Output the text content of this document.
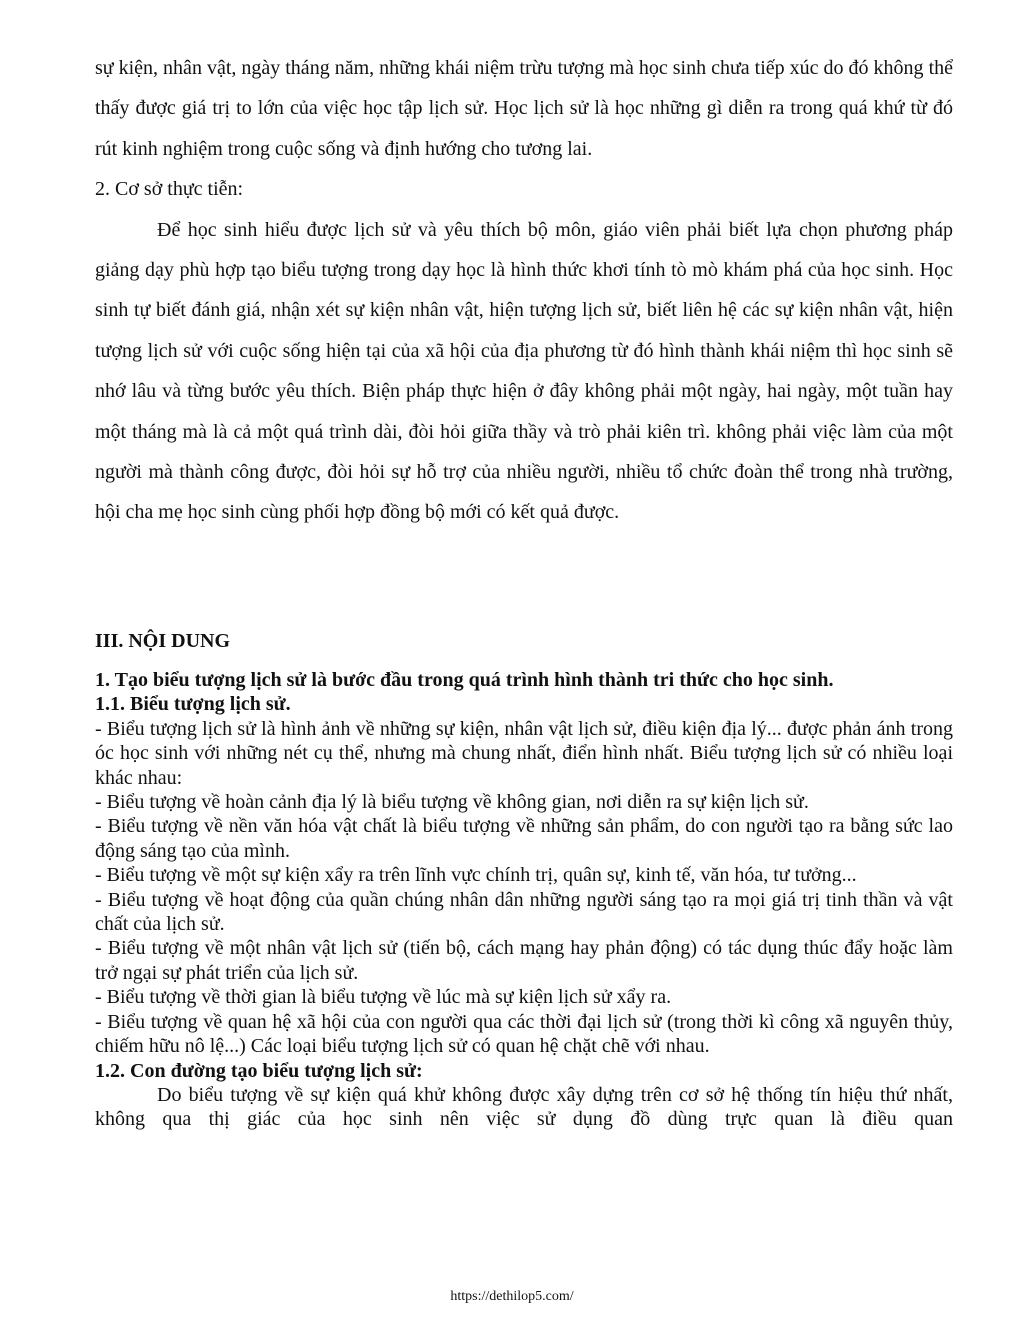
sự kiện, nhân vật, ngày tháng năm, những khái niệm trừu tượng mà học sinh chưa tiếp xúc do đó không thể thấy được giá trị to lớn của việc học tập lịch sử. Học lịch sử là học những gì diễn ra trong quá khứ từ đó rút kinh nghiệm trong cuộc sống và định hướng cho tương lai.

2. Cơ sở thực tiễn:

Để học sinh hiểu được lịch sử và yêu thích bộ môn, giáo viên phải biết lựa chọn phương pháp giảng dạy phù hợp tạo biểu tượng trong dạy học là hình thức khơi tính tò mò khám phá của học sinh. Học sinh tự biết đánh giá, nhận xét sự kiện nhân vật, hiện tượng lịch sử, biết liên hệ các sự kiện nhân vật, hiện tượng lịch sử với cuộc sống hiện tại của xã hội của địa phương từ đó hình thành khái niệm thì học sinh sẽ nhớ lâu và từng bước yêu thích. Biện pháp thực hiện ở đây không phải một ngày, hai ngày, một tuần hay một tháng mà là cả một quá trình dài, đòi hỏi giữa thầy và trò phải kiên trì. không phải việc làm của một người mà thành công được, đòi hỏi sự hỗ trợ của nhiều người, nhiều tổ chức đoàn thể trong nhà trường, hội cha mẹ học sinh cùng phối hợp đồng bộ mới có kết quả được.

III. NỘI DUNG

1. Tạo biểu tượng lịch sử là bước đầu trong quá trình hình thành tri thức cho học sinh.

1.1. Biểu tượng lịch sử.

- Biểu tượng lịch sử là hình ảnh về những sự kiện, nhân vật lịch sử, điều kiện địa lý... được phản ánh trong óc học sinh với những nét cụ thể, nhưng mà chung nhất, điển hình nhất. Biểu tượng lịch sử có nhiều loại khác nhau:

- Biểu tượng về hoàn cảnh địa lý là biểu tượng về không gian, nơi diễn ra sự kiện lịch sử.

- Biểu tượng về nền văn hóa vật chất là biểu tượng về những sản phẩm, do con người tạo ra bằng sức lao động sáng tạo của mình.

- Biểu tượng về một sự kiện xẩy ra trên lĩnh vực chính trị, quân sự, kinh tế, văn hóa, tư tưởng...

- Biểu tượng về hoạt động của quần chúng nhân dân những người sáng tạo ra mọi giá trị tinh thần và vật chất của lịch sử.

- Biểu tượng về một nhân vật lịch sử (tiến bộ, cách mạng hay phản động) có tác dụng thúc đẩy hoặc làm trở ngại sự phát triển của lịch sử.

- Biểu tượng về thời gian là biểu tượng về lúc mà sự kiện lịch sử xẩy ra.

- Biểu tượng về quan hệ xã hội của con người qua các thời đại lịch sử (trong thời kì công xã nguyên thủy, chiếm hữu nô lệ...) Các loại biểu tượng lịch sử có quan hệ chặt chẽ với nhau.

1.2. Con đường tạo biểu tượng lịch sử:

Do biểu tượng về sự kiện quá khử không được xây dựng trên cơ sở hệ thống tín hiệu thứ nhất, không qua thị giác của học sinh nên việc sử dụng đồ dùng trực quan là điều quan

https://dethilop5.com/
